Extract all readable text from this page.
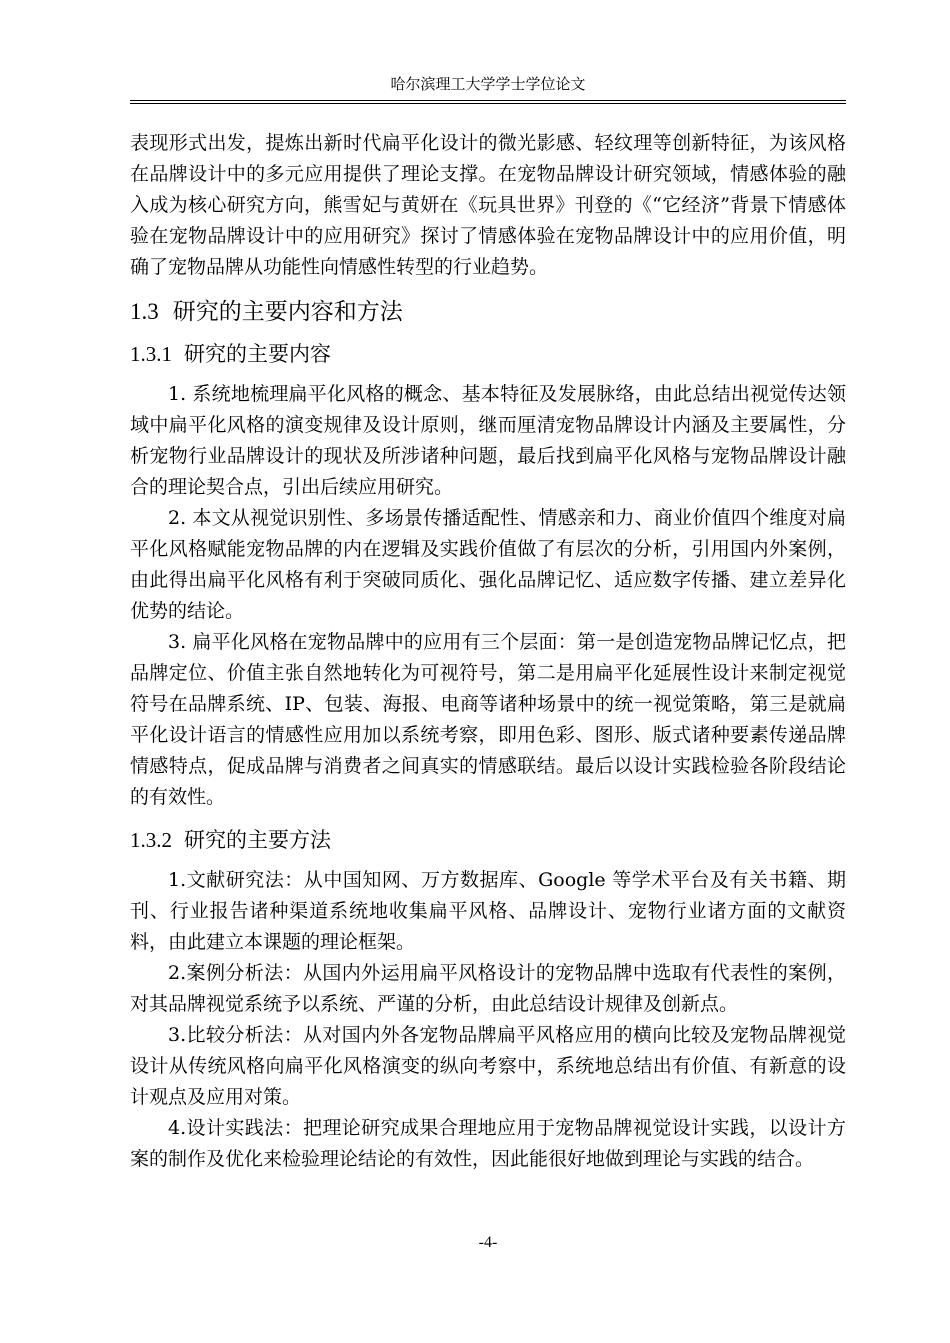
哈尔滨理工大学学士学位论文

表现形式出发，提炼出新时代扁平化设计的微光影感、轻纹理等创新特征，为该风格在品牌设计中的多元应用提供了理论支撑。在宠物品牌设计研究领域，情感体验的融入成为核心研究方向，熊雪妃与黄妍在《玩具世界》刊登的《“它经济”背景下情感体验在宠物品牌设计中的应用研究》探讨了情感体验在宠物品牌设计中的应用价值，明确了宠物品牌从功能性向情感性转型的行业趋势。

1.3 研究的主要内容和方法
1.3.1 研究的主要内容

1. 系统地梳理扁平化风格的概念、基本特征及发展脉络，由此总结出视觉传达领域中扁平化风格的演变规律及设计原则，继而厘清宠物品牌设计内涵及主要属性，分析宠物行业品牌设计的现状及所涉诸种问题，最后找到扁平化风格与宠物品牌设计融合的理论契合点，引出后续应用研究。

2. 本文从视觉识别性、多场景传播适配性、情感亲和力、商业价值四个维度对扁平化风格赋能宠物品牌的内在逻辑及实践价值做了有层次的分析，引用国内外案例，由此得出扁平化风格有利于突破同质化、强化品牌记忆、适应数字传播、建立差异化优势的结论。

3. 扁平化风格在宠物品牌中的应用有三个层面：第一是创造宠物品牌记忆点，把品牌定位、价值主张自然地转化为可视符号，第二是用扁平化延展性设计来制定视觉符号在品牌系统、IP、包装、海报、电商等诸种场景中的统一视觉策略，第三是就扁平化设计语言的情感性应用加以系统考察，即用色彩、图形、版式诸种要素传递品牌情感特点，促成品牌与消费者之间真实的情感联结。最后以设计实践检验各阶段结论的有效性。

1.3.2 研究的主要方法

1.文献研究法：从中国知网、万方数据库、Google 等学术平台及有关书籍、期刊、行业报告诸种渠道系统地收集扁平风格、品牌设计、宠物行业诸方面的文献资料，由此建立本课题的理论框架。

2.案例分析法：从国内外运用扁平风格设计的宠物品牌中选取有代表性的案例，对其品牌视觉系统予以系统、严谨的分析，由此总结设计规律及创新点。

3.比较分析法：从对国内外各宠物品牌扁平风格应用的横向比较及宠物品牌视觉设计从传统风格向扁平化风格演变的纵向考察中，系统地总结出有价值、有新意的设计观点及应用对策。

4.设计实践法：把理论研究成果合理地应用于宠物品牌视觉设计实践，以设计方案的制作及优化来检验理论结论的有效性，因此能很好地做到理论与实践的结合。

-4-
